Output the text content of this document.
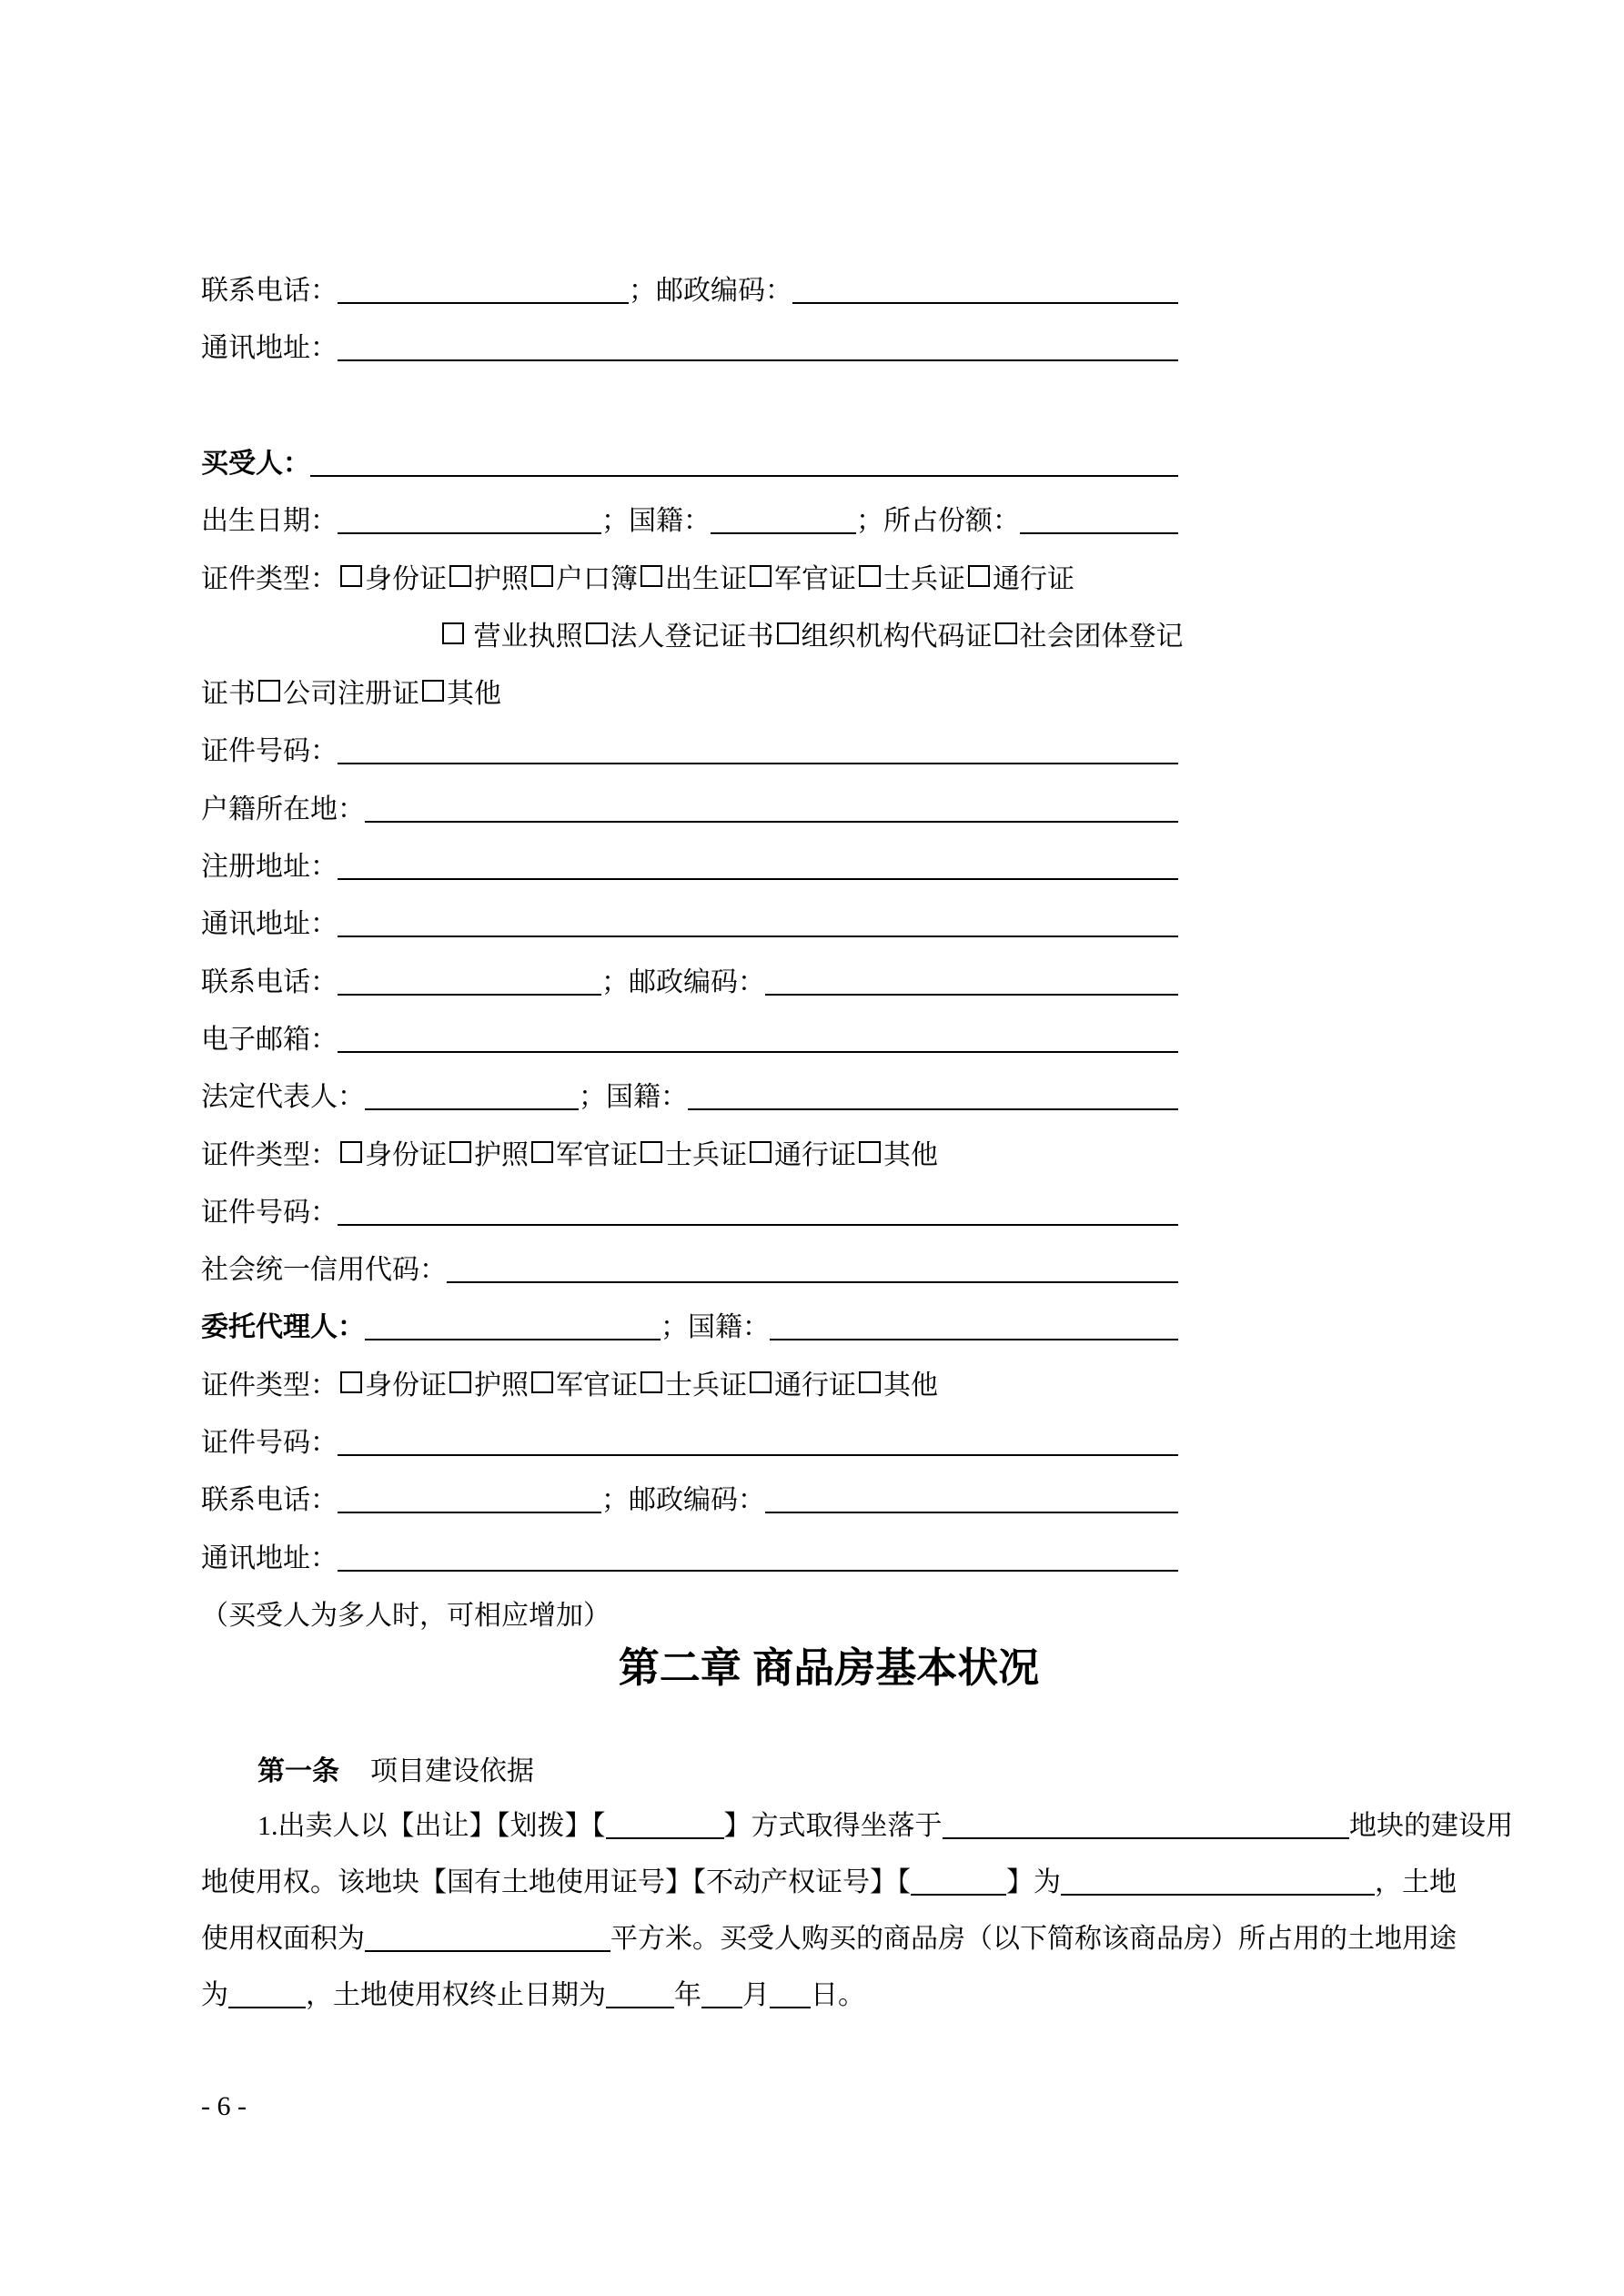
联系电话：	；邮政编码：
通讯地址：
买受人：
出生日期：	；国籍：	；所占份额：
证件类型： 身份证 护照 户口簿 出生证 军官证 士兵证 通行证
营业执照 法人登记证书 组织机构代码证 社会团体登记
证书 公司注册证 其他
证件号码：
户籍所在地：
注册地址：
通讯地址：
联系电话：	；邮政编码：
电子邮箱：
法定代表人：	；国籍：
证件类型： 身份证 护照 军官证 士兵证 通行证 其他
证件号码：
社会统一信用代码：
委托代理人：	；国籍：
证件类型： 身份证 护照 军官证 士兵证 通行证 其他
证件号码：
联系电话：	；邮政编码：
通讯地址：
（买受人为多人时，可相应增加）
第二章 商品房基本状况
第一条 项目建设依据
1.出卖人以【出让】【划拨】【	】方式取得坐落于	地块的建设用
地使用权。该地块【国有土地使用证号】【不动产权证号】【	】为	，土地
使用权面积为	平方米。买受人购买的商品房（以下简称该商品房）所占用的土地用途
为	，土地使用权终止日期为	年 月 日。
- 6 -
